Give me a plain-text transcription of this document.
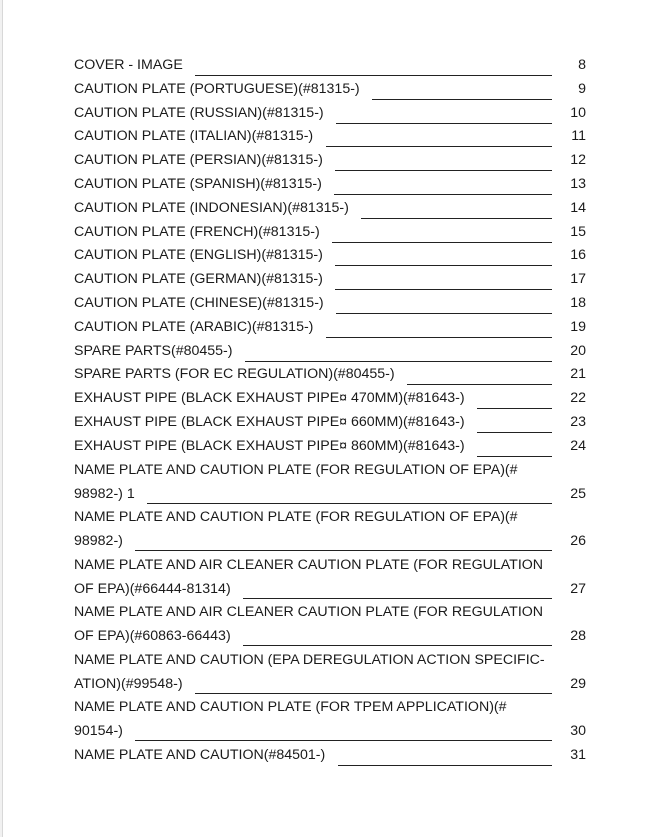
COVER - IMAGE	8
CAUTION PLATE (PORTUGUESE)(#81315-)	9
CAUTION PLATE (RUSSIAN)(#81315-)	10
CAUTION PLATE (ITALIAN)(#81315-)	11
CAUTION PLATE (PERSIAN)(#81315-)	12
CAUTION PLATE (SPANISH)(#81315-)	13
CAUTION PLATE (INDONESIAN)(#81315-)	14
CAUTION PLATE (FRENCH)(#81315-)	15
CAUTION PLATE (ENGLISH)(#81315-)	16
CAUTION PLATE (GERMAN)(#81315-)	17
CAUTION PLATE (CHINESE)(#81315-)	18
CAUTION PLATE (ARABIC)(#81315-)	19
SPARE PARTS(#80455-)	20
SPARE PARTS (FOR EC REGULATION)(#80455-)	21
EXHAUST PIPE (BLACK EXHAUST PIPE¤ 470MM)(#81643-)	22
EXHAUST PIPE (BLACK EXHAUST PIPE¤ 660MM)(#81643-)	23
EXHAUST PIPE (BLACK EXHAUST PIPE¤ 860MM)(#81643-)	24
NAME PLATE AND CAUTION PLATE (FOR REGULATION OF EPA)(#
98982-) 1	25
NAME PLATE AND CAUTION PLATE (FOR REGULATION OF EPA)(#
98982-)	26
NAME PLATE AND AIR CLEANER CAUTION PLATE (FOR REGULATION
OF EPA)(#66444-81314)	27
NAME PLATE AND AIR CLEANER CAUTION PLATE (FOR REGULATION
OF EPA)(#60863-66443)	28
NAME PLATE AND CAUTION (EPA DEREGULATION ACTION SPECIFIC-
ATION)(#99548-)	29
NAME PLATE AND CAUTION PLATE (FOR TPEM APPLICATION)(#
90154-)	30
NAME PLATE AND CAUTION(#84501-)	31
